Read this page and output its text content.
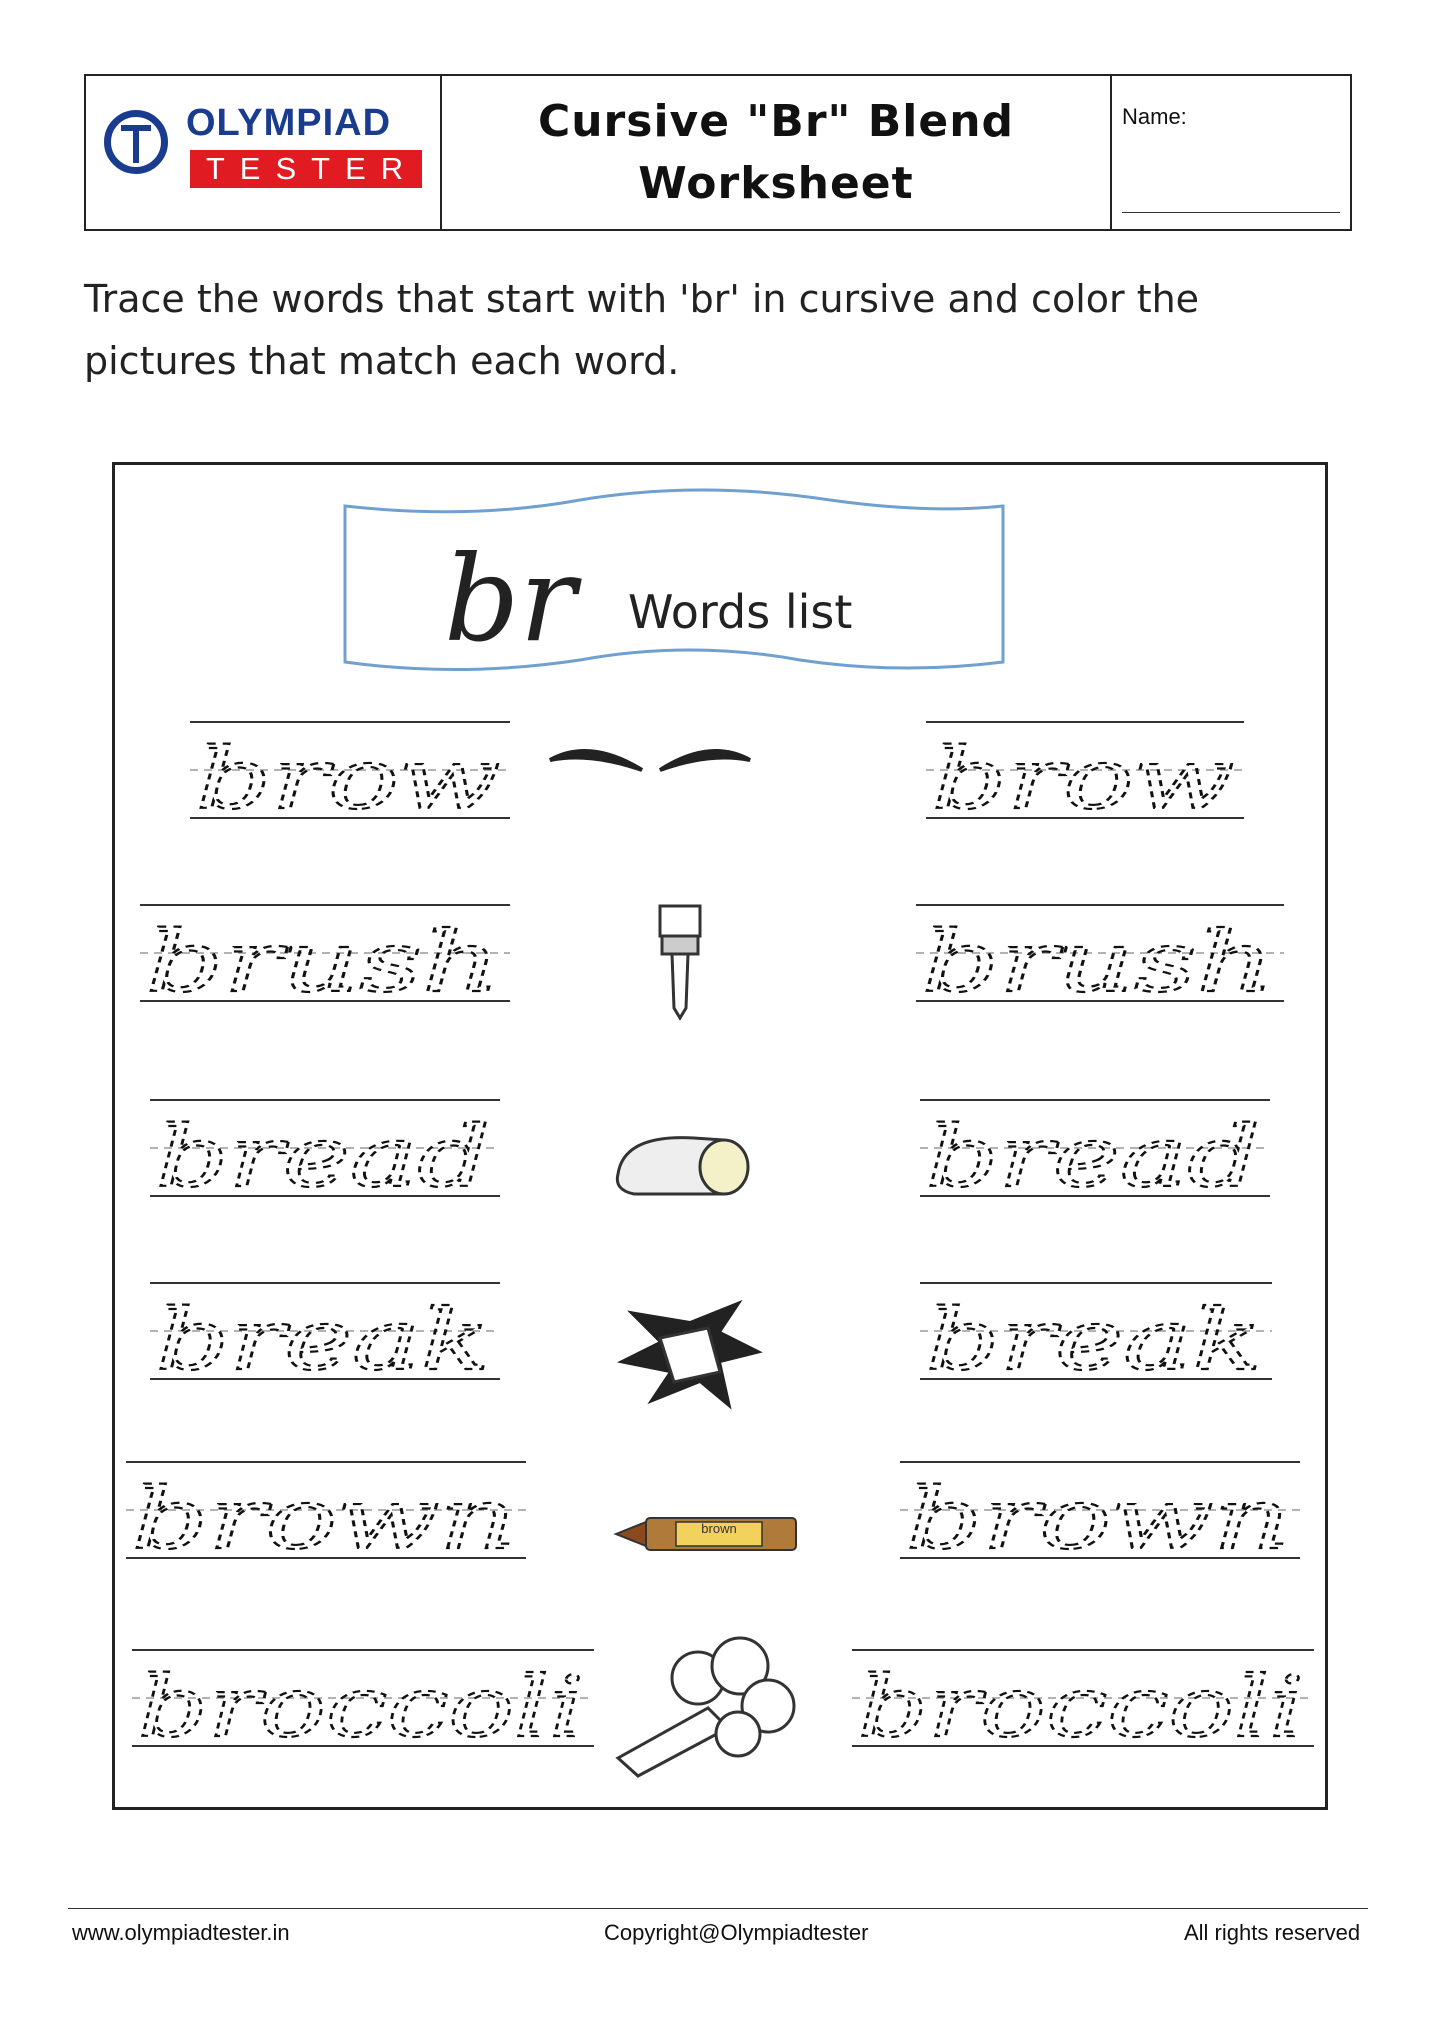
OLYMPIAD
TESTER
Cursive "Br" Blend
Worksheet
Name:
Trace the words that start with 'br' in cursive and color the
pictures that match each word.
br Words list
brow	brow
brush	brush
bread	bread
break	break
brown	brown
brown
broccoli	broccoli
www.olympiadtester.in	Copyright@Olympiadtester	All rights reserved
